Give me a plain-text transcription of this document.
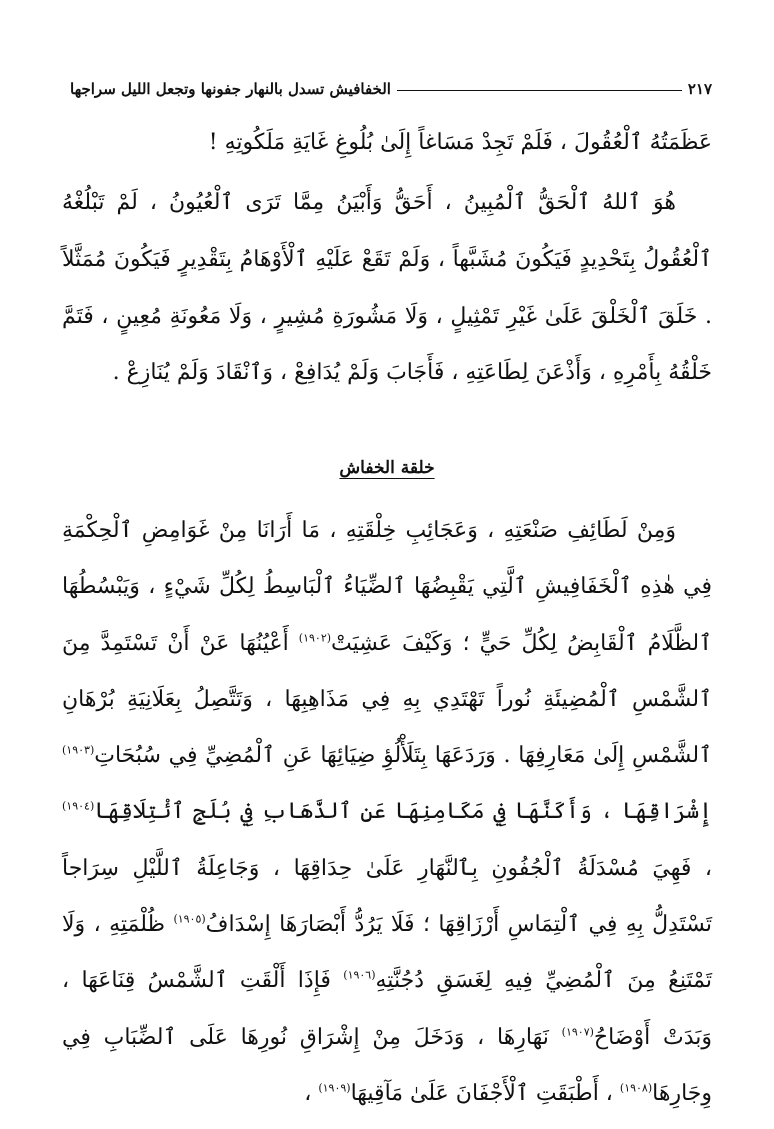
الخفافيش تسدل بالنهار جفونها وتجعل الليل سراجها	٢١٧

عَظَمَتُهُ ٱلْعُقُولَ ، فَلَمْ تَجِدْ مَسَاغاً إِلَىٰ بُلُوغِ غَايَةِ مَلَكُوتِهِ !

هُوَ ٱللهُ ٱلْحَقُّ ٱلْمُبِينُ ، أَحَقُّ وَأَبْيَنُ مِمَّا تَرَى ٱلْعُيُونُ ، لَمْ تَبْلُغْهُ ٱلْعُقُولُ بِتَحْدِيدٍ فَيَكُونَ مُشَبَّهاً ، وَلَمْ تَقَعْ عَلَيْهِ ٱلْأَوْهَامُ بِتَقْدِيرٍ فَيَكُونَ مُمَثَّلاً . خَلَقَ ٱلْخَلْقَ عَلَىٰ غَيْرِ تَمْثِيلٍ ، وَلَا مَشُورَةِ مُشِيرٍ ، وَلَا مَعُونَةِ مُعِينٍ ، فَتَمَّ خَلْقُهُ بِأَمْرِهِ ، وَأَذْعَنَ لِطَاعَتِهِ ، فَأَجَابَ وَلَمْ يُدَافِعْ ، وَٱنْقَادَ وَلَمْ يُنَازِعْ .

خلقة الخفاش

وَمِنْ لَطَائِفِ صَنْعَتِهِ ، وَعَجَائِبِ خِلْقَتِهِ ، مَا أَرَانَا مِنْ غَوَامِضِ ٱلْحِكْمَةِ فِي هٰذِهِ ٱلْخَفَافِيشِ ٱلَّتِي يَقْبِضُهَا ٱلضِّيَاءُ ٱلْبَاسِطُ لِكُلِّ شَيْءٍ ، وَيَبْسُطُهَا ٱلظَّلَامُ ٱلْقَابِضُ لِكُلِّ حَيٍّ ؛ وَكَيْفَ عَشِيَتْ$^{(١٩٠٢)}$ أَعْيُنُهَا عَنْ أَنْ تَسْتَمِدَّ مِنَ ٱلشَّمْسِ ٱلْمُضِيئَةِ نُوراً تَهْتَدِي بِهِ فِي مَذَاهِبِهَا ، وَتَتَّصِلُ بِعَلَانِيَةِ بُرْهَانِ ٱلشَّمْسِ إِلَىٰ مَعَارِفِهَا . وَرَدَعَهَا بِتَلَأْلُؤِ ضِيَائِهَا عَنِ ٱلْمُضِيِّ فِي سُبُحَاتِ$^{(١٩٠٣)}$ إِشْرَاقِهَا ، وَأَكَنَّهَا فِي مَكَامِنِهَا عَنِ ٱلذَّهَابِ فِي بُلَجِ ٱئْتِلَاقِهَا$^{(١٩٠٤)}$ ، فَهِيَ مُسْدَلَةُ ٱلْجُفُونِ بِٱلنَّهَارِ عَلَىٰ حِدَاقِهَا ، وَجَاعِلَةُ ٱللَّيْلِ سِرَاجاً تَسْتَدِلُّ بِهِ فِي ٱلْتِمَاسِ أَرْزَاقِهَا ؛ فَلَا يَرُدُّ أَبْصَارَهَا إِسْدَافُ$^{(١٩٠٥)}$ ظُلْمَتِهِ ، وَلَا تَمْتَنِعُ مِنَ ٱلْمُضِيِّ فِيهِ لِغَسَقِ دُجُنَّتِهِ$^{(١٩٠٦)}$ فَإِذَا أَلْقَتِ ٱلشَّمْسُ قِنَاعَهَا ، وَبَدَتْ أَوْضَاحُ$^{(١٩٠٧)}$ نَهَارِهَا ، وَدَخَلَ مِنْ إِشْرَاقِ نُورِهَا عَلَى ٱلضِّبَابِ فِي وِجَارِهَا$^{(١٩٠٨)}$ ، أَطْبَقَتِ ٱلْأَجْفَانَ عَلَىٰ مَآقِيهَا$^{(١٩٠٩)}$ ،
